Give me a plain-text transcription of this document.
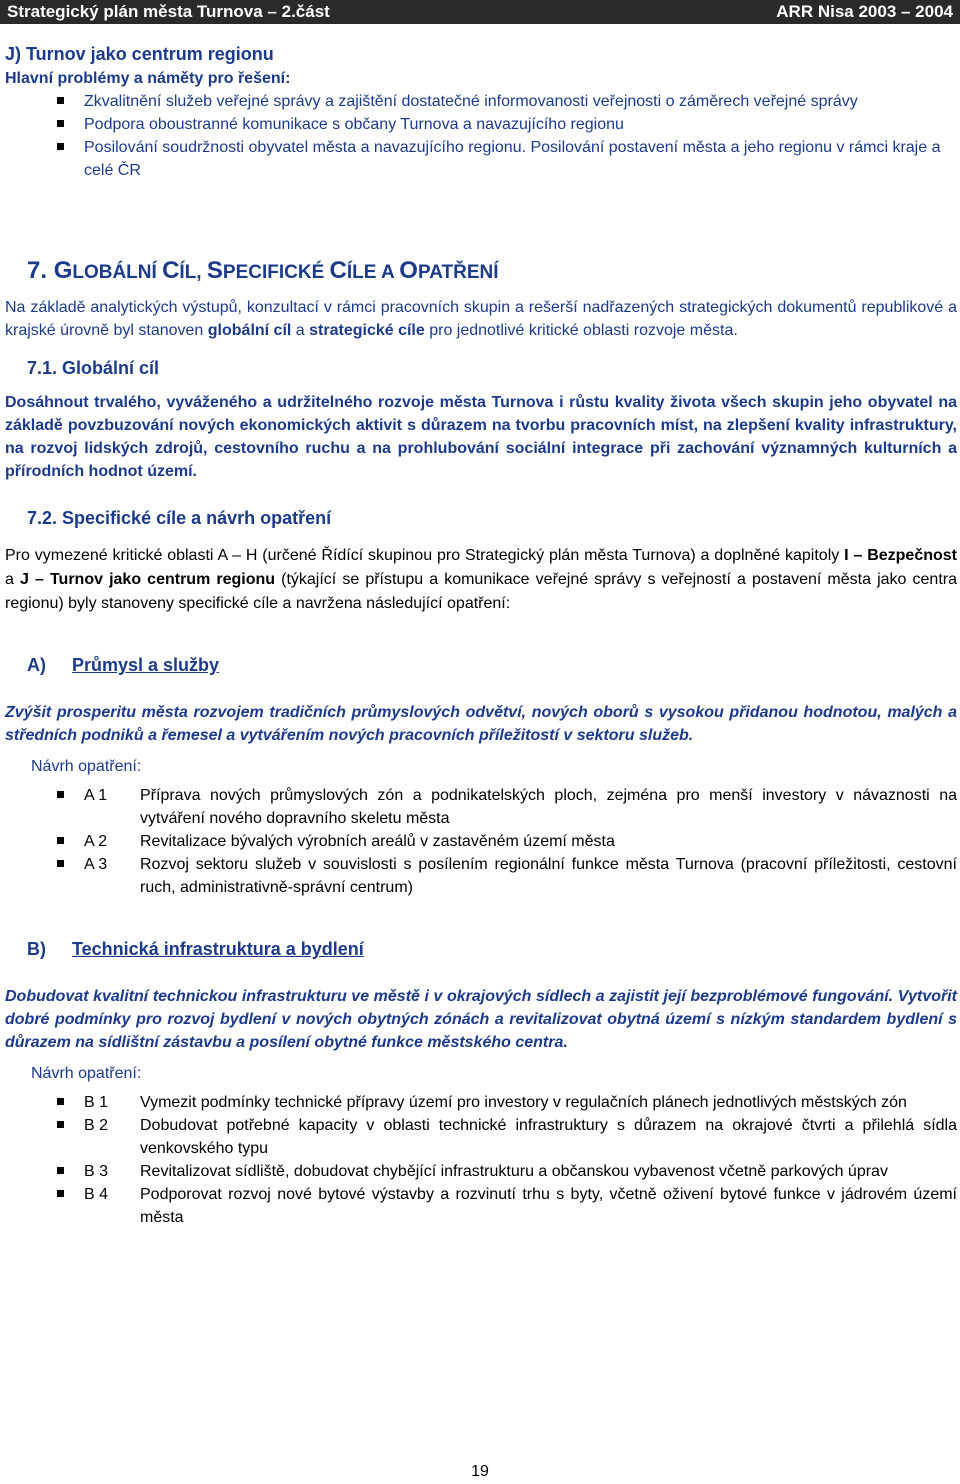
Strategický plán města Turnova – 2.část	ARR Nisa 2003 – 2004
J) Turnov jako centrum regionu
Hlavní problémy a náměty pro řešení:
Zkvalitnění služeb veřejné správy a zajištění dostatečné informovanosti veřejnosti o záměrech veřejné správy
Podpora oboustranné komunikace s občany Turnova a navazujícího regionu
Posilování soudržnosti obyvatel města a navazujícího regionu. Posilování postavení města a jeho regionu v rámci kraje a celé ČR
7. GLOBÁLNÍ CÍL, SPECIFICKÉ CÍLE A OPATŘENÍ
Na základě analytických výstupů, konzultací v rámci pracovních skupin a rešerší nadřazených strategických dokumentů republikové a krajské úrovně byl stanoven globální cíl a strategické cíle pro jednotlivé kritické oblasti rozvoje města.
7.1. Globální cíl
Dosáhnout trvalého, vyváženého a udržitelného rozvoje města Turnova i růstu kvality života všech skupin jeho obyvatel na základě povzbuzování nových ekonomických aktivit s důrazem na tvorbu pracovních míst, na zlepšení kvality infrastruktury, na rozvoj lidských zdrojů, cestovního ruchu a na prohlubování sociální integrace při zachování významných kulturních a přírodních hodnot území.
7.2. Specifické cíle a návrh opatření
Pro vymezené kritické oblasti A – H (určené Řídící skupinou pro Strategický plán města Turnova) a doplněné kapitoly I – Bezpečnost a J – Turnov jako centrum regionu (týkající se přístupu a komunikace veřejné správy s veřejností a postavení města jako centra regionu) byly stanoveny specifické cíle a navržena následující opatření:
A) Průmysl a služby
Zvýšit prosperitu města rozvojem tradičních průmyslových odvětví, nových oborů s vysokou přidanou hodnotou, malých a středních podniků a řemesel a vytvářením nových pracovních příležitostí v sektoru služeb.
Návrh opatření:
A 1 Příprava nových průmyslových zón a podnikatelských ploch, zejména pro menší investory v návaznosti na vytváření nového dopravního skeletu města
A 2 Revitalizace bývalých výrobních areálů v zastavěném území města
A 3 Rozvoj sektoru služeb v souvislosti s posílením regionální funkce města Turnova (pracovní příležitosti, cestovní ruch, administrativně-správní centrum)
B) Technická infrastruktura a bydlení
Dobudovat kvalitní technickou infrastrukturu ve městě i v okrajových sídlech a zajistit její bezproblémové fungování. Vytvořit dobré podmínky pro rozvoj bydlení v nových obytných zónách a revitalizovat obytná území s nízkým standardem bydlení s důrazem na sídlištní zástavbu a posílení obytné funkce městského centra.
Návrh opatření:
B 1 Vymezit podmínky technické přípravy území pro investory v regulačních plánech jednotlivých městských zón
B 2 Dobudovat potřebné kapacity v oblasti technické infrastruktury s důrazem na okrajové čtvrti a přilehlá sídla venkovského typu
B 3 Revitalizovat sídliště, dobudovat chybějící infrastrukturu a občanskou vybavenost včetně parkových úprav
B 4 Podporovat rozvoj nové bytové výstavby a rozvinutí trhu s byty, včetně oživení bytové funkce v jádrovém území města
19
